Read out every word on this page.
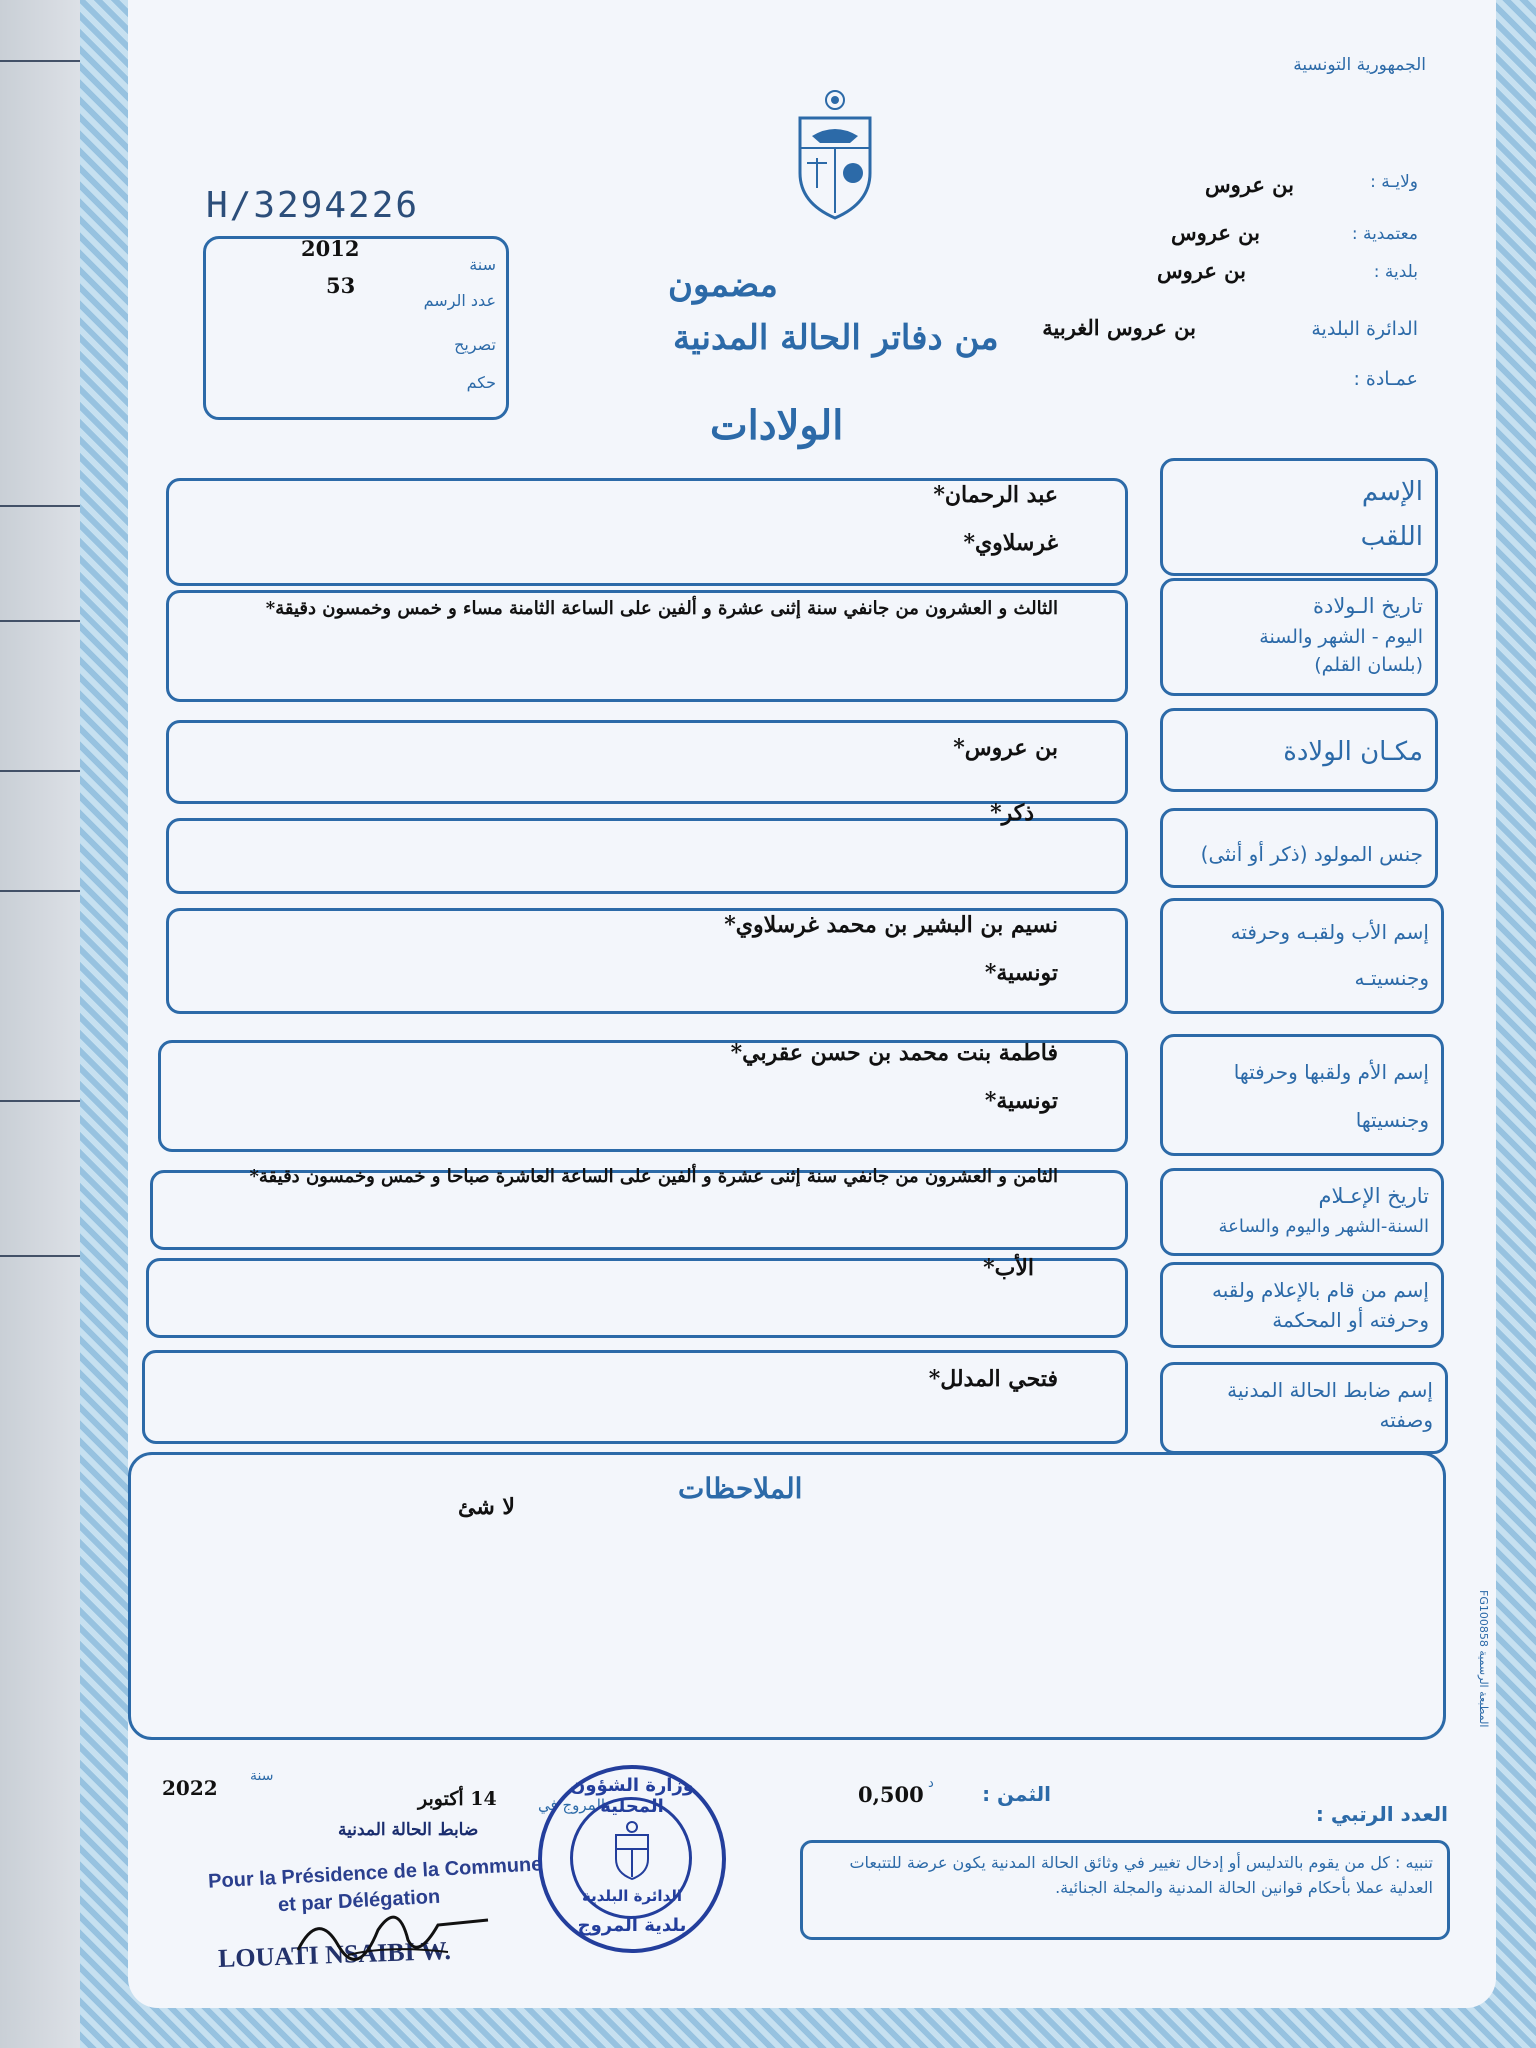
الجمهورية التونسية
H/3294226
ولايـة :
بن عروس
معتمدية :
بن عروس
بلدية :
بن عروس
الدائرة البلدية
بن عروس الغربية
عمـادة :
سنة
2012
عدد الرسم
53
تصريح
حكم
مضمون
من دفاتر الحالة المدنية
الولادات
الإسم
اللقب
عبد الرحمان*
غرسلاوي*
تاريخ الـولادة
اليوم - الشهر والسنة
(بلسان القلم)
الثالث و العشرون من جانفي سنة إثنى عشرة و ألفين على الساعة الثامنة مساء و خمس وخمسون دقيقة*
مكـان الولادة
بن عروس*
جنس المولود (ذكر أو أنثى)
ذكر*
إسم الأب ولقبـه وحرفته
وجنسيتـه
نسيم بن البشير بن محمد غرسلاوي*
تونسية*
إسم الأم ولقبها وحرفتها
وجنسيتها
فاطمة بنت محمد بن حسن عقربي*
تونسية*
تاريخ الإعـلام
السنة-الشهر واليوم والساعة
الثامن و العشرون من جانفي سنة إثنى عشرة و ألفين على الساعة العاشرة صباحا و خمس وخمسون دقيقة*
إسم من قام بالإعلام ولقبه
وحرفته أو المحكمة
الأب*
إسم ضابط الحالة المدنية
وصفته
فتحي المدلل*
الملاحظات
لا شئ
المطبعة الرسمية FG100858
العدد الرتبي :
الثمن :
0,500 د
المروج في
14 أكتوبر
سنة
2022
ضابط الحالة المدنية
Pour la Présidence de la Commune
et par Délégation
LOUATI NSAIBI W.
وزارة الشؤون المحلية
الدائرة البلدية
بلدية المروج
تنبيه : كل من يقوم بالتدليس أو إدخال تغيير في وثائق الحالة المدنية يكون عرضة للتتبعات العدلية عملا بأحكام قوانين الحالة المدنية والمجلة الجنائية.
